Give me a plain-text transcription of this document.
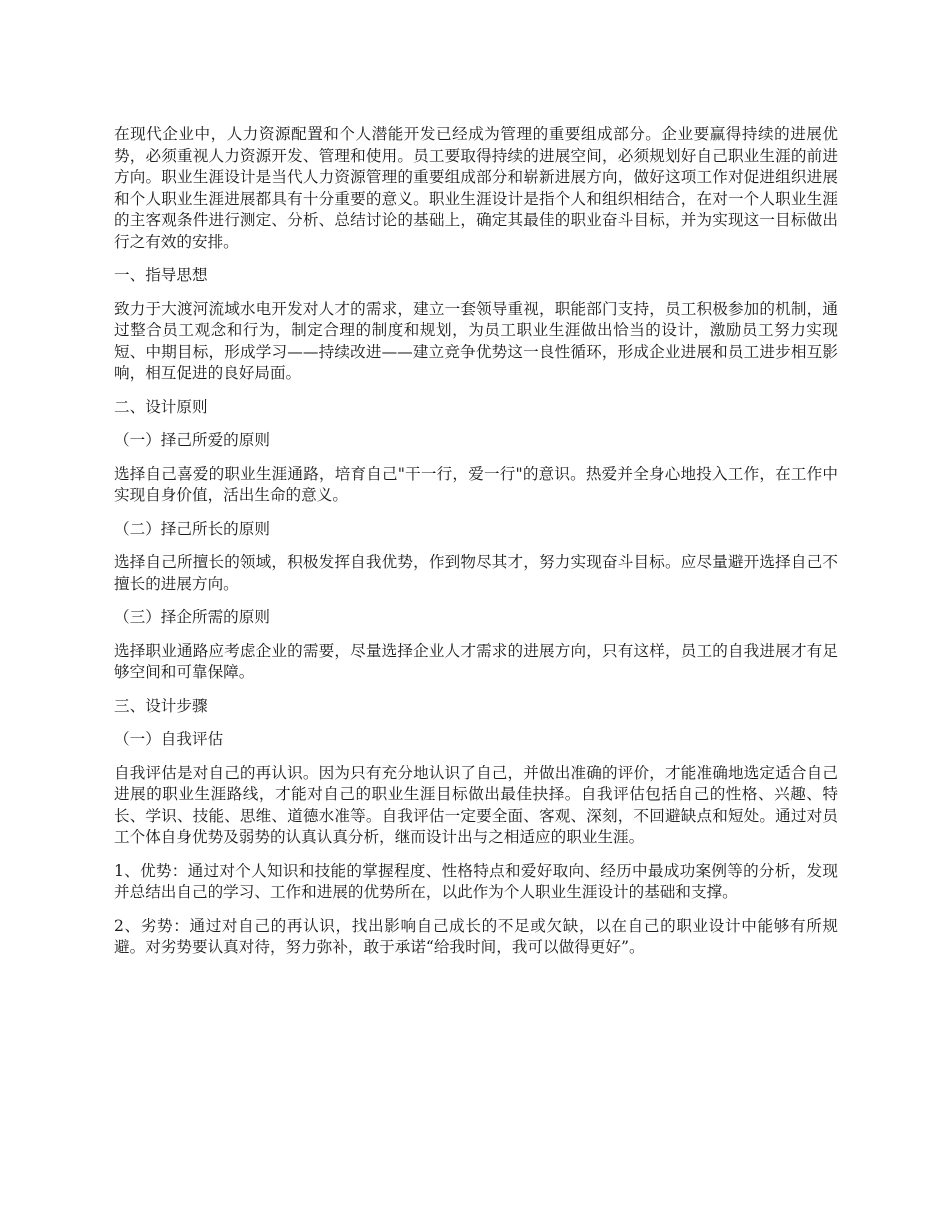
在现代企业中，人力资源配置和个人潜能开发已经成为管理的重要组成部分。企业要赢得持续的进展优势，必须重视人力资源开发、管理和使用。员工要取得持续的进展空间，必须规划好自己职业生涯的前进方向。职业生涯设计是当代人力资源管理的重要组成部分和崭新进展方向，做好这项工作对促进组织进展和个人职业生涯进展都具有十分重要的意义。职业生涯设计是指个人和组织相结合，在对一个人职业生涯的主客观条件进行测定、分析、总结讨论的基础上，确定其最佳的职业奋斗目标，并为实现这一目标做出行之有效的安排。

一、指导思想

致力于大渡河流域水电开发对人才的需求，建立一套领导重视，职能部门支持，员工积极参加的机制，通过整合员工观念和行为，制定合理的制度和规划，为员工职业生涯做出恰当的设计，激励员工努力实现短、中期目标，形成学习——持续改进——建立竞争优势这一良性循环，形成企业进展和员工进步相互影响，相互促进的良好局面。

二、设计原则

（一）择己所爱的原则

选择自己喜爱的职业生涯通路，培育自己"干一行，爱一行"的意识。热爱并全身心地投入工作，在工作中实现自身价值，活出生命的意义。

（二）择己所长的原则

选择自己所擅长的领域，积极发挥自我优势，作到物尽其才，努力实现奋斗目标。应尽量避开选择自己不擅长的进展方向。

（三）择企所需的原则

选择职业通路应考虑企业的需要，尽量选择企业人才需求的进展方向，只有这样，员工的自我进展才有足够空间和可靠保障。

三、设计步骤

（一）自我评估

自我评估是对自己的再认识。因为只有充分地认识了自己，并做出准确的评价，才能准确地选定适合自己进展的职业生涯路线，才能对自己的职业生涯目标做出最佳抉择。自我评估包括自己的性格、兴趣、特长、学识、技能、思维、道德水准等。自我评估一定要全面、客观、深刻，不回避缺点和短处。通过对员工个体自身优势及弱势的认真认真分析，继而设计出与之相适应的职业生涯。

1、优势：通过对个人知识和技能的掌握程度、性格特点和爱好取向、经历中最成功案例等的分析，发现并总结出自己的学习、工作和进展的优势所在，以此作为个人职业生涯设计的基础和支撑。

2、劣势：通过对自己的再认识，找出影响自己成长的不足或欠缺，以在自己的职业设计中能够有所规避。对劣势要认真对待，努力弥补，敢于承诺“给我时间，我可以做得更好”。
